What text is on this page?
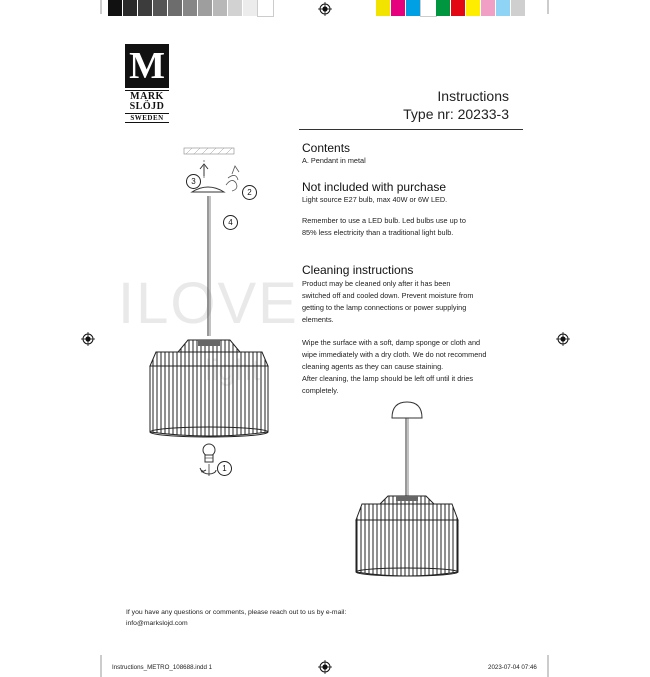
ILOVE
M
MARK
SLÖJD
SWEDEN
Instructions
Type nr: 20233-3
Contents
A. Pendant in metal
Not included with purchase
Light source E27 bulb, max 40W or 6W LED.
Remember to use a LED bulb. Led bulbs use up to
85% less electricity than a traditional light bulb.
Cleaning instructions
Product may be cleaned only after it has been
switched off and cooled down. Prevent moisture from
getting to the lamp connections or power supplying
elements.
Wipe the surface with a soft, damp sponge or cloth and
wipe immediately with a dry cloth. We do not recommend
cleaning agents as they can cause staining.
After cleaning, the lamp should be left off until it dries
completely.
3
2
4
1
If you have any questions or comments, please reach out to us by e-mail:
info@markslojd.com
Instructions_METRO_108688.indd 1	2023-07-04 07:46
